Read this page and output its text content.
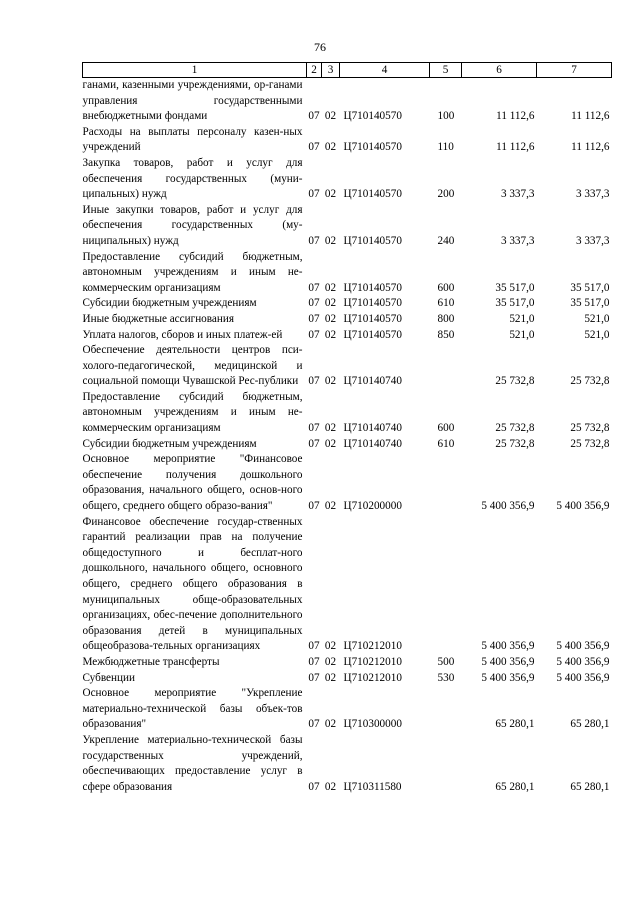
76
1	2	3	4	5	6	7
ганами, казенными учреждениями, ор-ганами управления государственными внебюджетными фондами	07	02	Ц710140570	100	11 112,6	11 112,6
Расходы на выплаты персоналу казен-ных учреждений	07	02	Ц710140570	110	11 112,6	11 112,6
Закупка товаров, работ и услуг для обеспечения государственных (муни-ципальных) нужд	07	02	Ц710140570	200	3 337,3	3 337,3
Иные закупки товаров, работ и услуг для обеспечения государственных (му-ниципальных) нужд	07	02	Ц710140570	240	3 337,3	3 337,3
Предоставление субсидий бюджетным, автономным учреждениям и иным не-коммерческим организациям	07	02	Ц710140570	600	35 517,0	35 517,0
Субсидии бюджетным учреждениям	07	02	Ц710140570	610	35 517,0	35 517,0
Иные бюджетные ассигнования	07	02	Ц710140570	800	521,0	521,0
Уплата налогов, сборов и иных платеж-ей	07	02	Ц710140570	850	521,0	521,0
Обеспечение деятельности центров пси-холого-педагогической, медицинской и социальной помощи Чувашской Рес-публики	07	02	Ц710140740		25 732,8	25 732,8
Предоставление субсидий бюджетным, автономным учреждениям и иным не-коммерческим организациям	07	02	Ц710140740	600	25 732,8	25 732,8
Субсидии бюджетным учреждениям	07	02	Ц710140740	610	25 732,8	25 732,8
Основное мероприятие "Финансовое обеспечение получения дошкольного образования, начального общего, основ-ного общего, среднего общего образо-вания"	07	02	Ц710200000		5 400 356,9	5 400 356,9
Финансовое обеспечение государ-ственных гарантий реализации прав на получение общедоступного и бесплат-ного дошкольного, начального общего, основного общего, среднего общего образования в муниципальных обще-образовательных организациях, обес-печение дополнительного образования детей в муниципальных общеобразова-тельных организациях	07	02	Ц710212010		5 400 356,9	5 400 356,9
Межбюджетные трансферты	07	02	Ц710212010	500	5 400 356,9	5 400 356,9
Субвенции	07	02	Ц710212010	530	5 400 356,9	5 400 356,9
Основное мероприятие "Укрепление материально-технической базы объек-тов образования"	07	02	Ц710300000		65 280,1	65 280,1
Укрепление материально-технической базы государственных учреждений, обеспечивающих предоставление услуг в сфере образования	07	02	Ц710311580		65 280,1	65 280,1
